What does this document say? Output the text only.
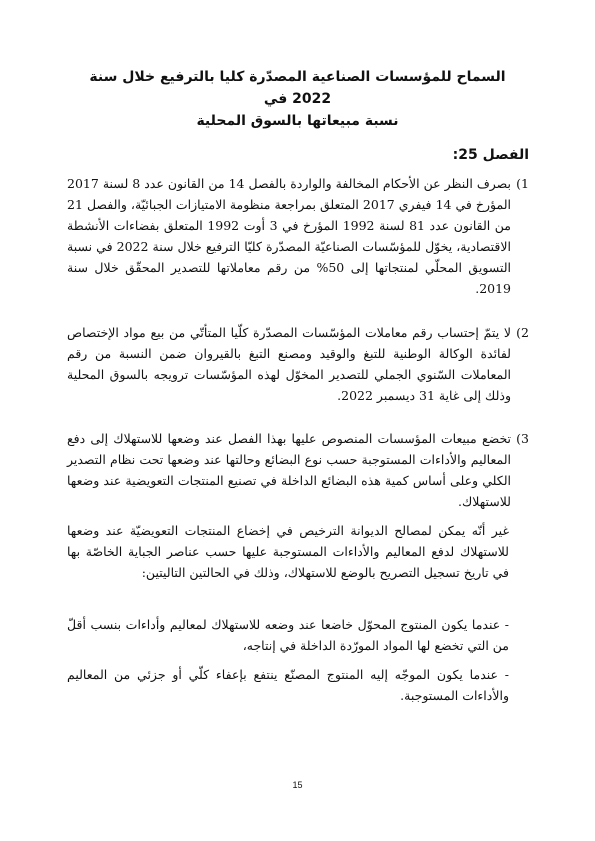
السماح للمؤسسات الصناعية المصدّرة كليا بالترفيع خلال سنة 2022 في
نسبة مبيعاتها بالسوق المحلية
الفصل 25:
1)
بصرف النظر عن الأحكام المخالفة والواردة بالفصل 14 من القانون عدد 8 لسنة 2017 المؤرخ في 14 فيفري 2017 المتعلق بمراجعة منظومة الامتيازات الجبائيّة، والفصل 21 من القانون عدد 81 لسنة 1992 المؤرخ في 3 أوت 1992 المتعلق بفضاءات الأنشطة الاقتصادية، يخوّل للمؤسّسات الصناعيّة المصدّرة كليّا الترفيع خلال سنة 2022 في نسبة التسويق المحلّي لمنتجاتها إلى 50% من رقم معاملاتها للتصدير المحقّق خلال سنة 2019.
2)
لا يتمّ إحتساب رقم معاملات المؤسّسات المصدّرة كلّيا المتأتّي من بيع مواد الإختصاص لفائدة الوكالة الوطنية للتبغ والوقيد ومصنع التبغ بالقيروان ضمن النسبة من رقم المعاملات السّنوي الجملي للتصدير المخوّل لهذه المؤسّسات ترويجه بالسوق المحلية وذلك إلى غاية 31 ديسمبر 2022.
3)
تخضع مبيعات المؤسسات المنصوص عليها بهذا الفصل عند وضعها للاستهلاك إلى دفع المعاليم والأداءات المستوجبة حسب نوع البضائع وحالتها عند وضعها تحت نظام التصدير الكلي وعلى أساس كمية هذه البضائع الداخلة في تصنيع المنتجات التعويضية عند وضعها للاستهلاك.
غير أنّه يمكن لمصالح الديوانة الترخيص في إخضاع المنتجات التعويضيّة عند وضعها للاستهلاك لدفع المعاليم والأداءات المستوجبة عليها حسب عناصر الجباية الخاصّة بها في تاريخ تسجيل التصريح بالوضع للاستهلاك، وذلك في الحالتين التاليتين:
- عندما يكون المنتوج المحوّل خاضعا عند وضعه للاستهلاك لمعاليم وأداءات بنسب أقلّ من التي تخضع لها المواد المورّدة الداخلة في إنتاجه،
- عندما يكون الموجّه إليه المنتوج المصنّع ينتفع بإعفاء كلّي أو جزئي من المعاليم والأداءات المستوجبة.
15
